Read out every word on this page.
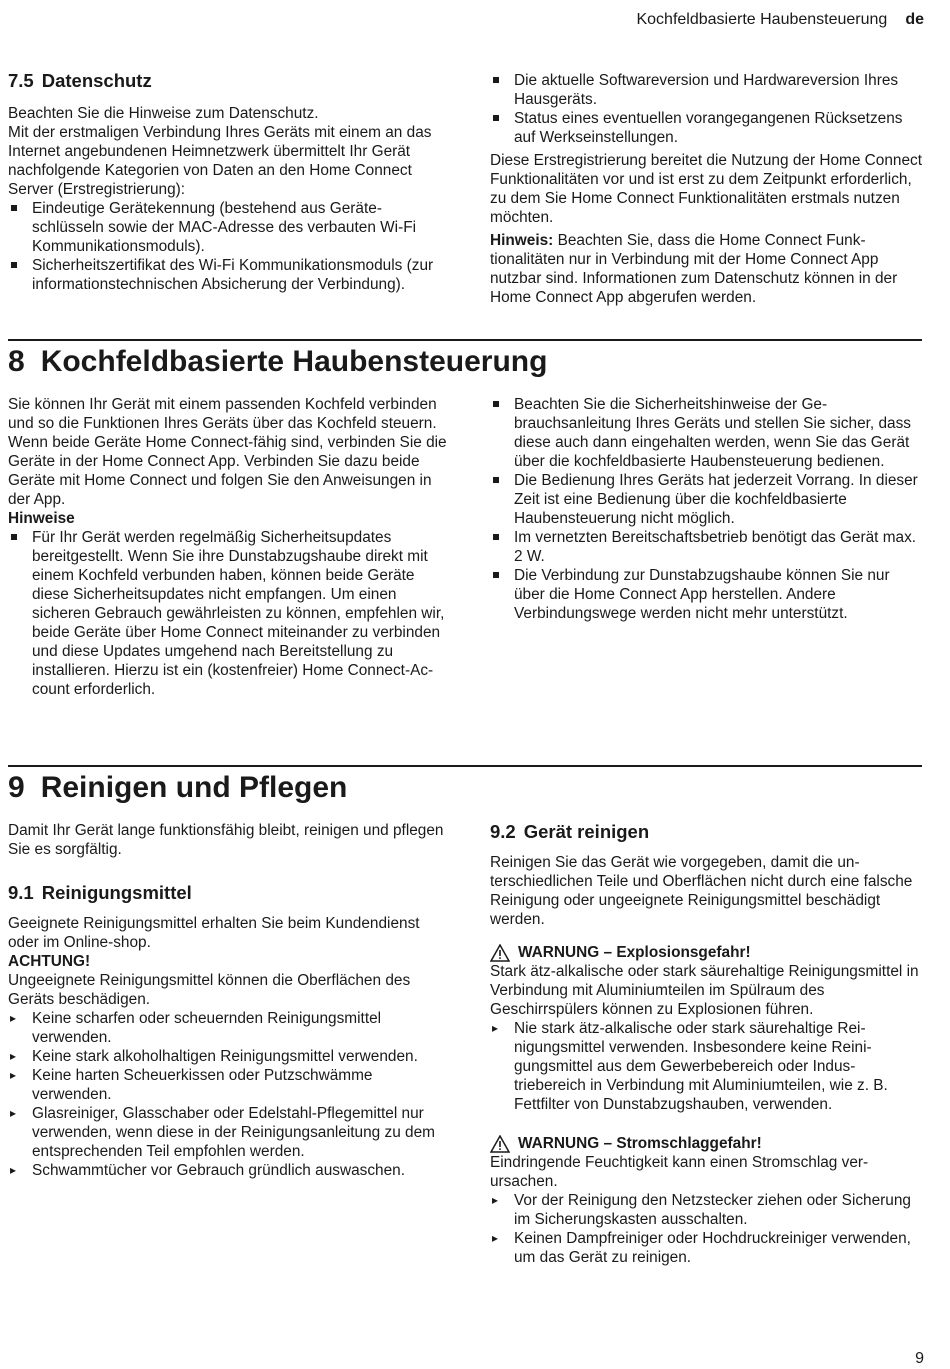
Kochfeldbasierte Haubensteuerung de
7.5 Datenschutz

Beachten Sie die Hinweise zum Datenschutz.

Mit der erstmaligen Verbindung Ihres Geräts mit einem an das Internet angebundenen Heimnetzwerk übermittelt Ihr Gerät nachfolgende Kategorien von Daten an den Home Connect Server (Erstregistrierung):

Eindeutige Gerätekennung (bestehend aus Geräteschlüsseln sowie der MAC-Adresse des verbauten Wi-Fi Kommunikationsmoduls).
Sicherheitszertifikat des Wi-Fi Kommunikationsmoduls (zur informationstechnischen Absicherung der Verbindung).
Die aktuelle Softwareversion und Hardwareversion Ihres Hausgeräts.
Status eines eventuellen vorangegangenen Rücksetzens auf Werkseinstellungen.

Diese Erstregistrierung bereitet die Nutzung der Home Connect Funktionalitäten vor und ist erst zu dem Zeitpunkt erforderlich, zu dem Sie Home Connect Funktionalitäten erstmals nutzen möchten.

Hinweis: Beachten Sie, dass die Home Connect Funktionalitäten nur in Verbindung mit der Home Connect App nutzbar sind. Informationen zum Datenschutz können in der Home Connect App abgerufen werden.

8 Kochfeldbasierte Haubensteuerung

Sie können Ihr Gerät mit einem passenden Kochfeld verbinden und so die Funktionen Ihres Geräts über das Kochfeld steuern.

Wenn beide Geräte Home Connect-fähig sind, verbinden Sie die Geräte in der Home Connect App. Verbinden Sie dazu beide Geräte mit Home Connect und folgen Sie den Anweisungen in der App.

Hinweise

Für Ihr Gerät werden regelmäßig Sicherheitsupdates bereitgestellt. Wenn Sie ihre Dunstabzugshaube direkt mit einem Kochfeld verbunden haben, können beide Geräte diese Sicherheitsupdates nicht empfangen. Um einen sicheren Gebrauch gewährleisten zu können, empfehlen wir, beide Geräte über Home Connect miteinander zu verbinden und diese Updates umgehend nach Bereitstellung zu installieren. Hierzu ist ein (kostenfreier) Home Connect-Account erforderlich.
Beachten Sie die Sicherheitshinweise der Gebrauchsanleitung Ihres Geräts und stellen Sie sicher, dass diese auch dann eingehalten werden, wenn Sie das Gerät über die kochfeldbasierte Haubensteuerung bedienen.
Die Bedienung Ihres Geräts hat jederzeit Vorrang. In dieser Zeit ist eine Bedienung über die kochfeldbasierte Haubensteuerung nicht möglich.
Im vernetzten Bereitschaftsbetrieb benötigt das Gerät max. 2 W.
Die Verbindung zur Dunstabzugshaube können Sie nur über die Home Connect App herstellen. Andere Verbindungswege werden nicht mehr unterstützt.
9 Reinigen und Pflegen

Damit Ihr Gerät lange funktionsfähig bleibt, reinigen und pflegen Sie es sorgfältig.

9.1 Reinigungsmittel

Geeignete Reinigungsmittel erhalten Sie beim Kundendienst oder im Online-shop.

ACHTUNG!

Ungeeignete Reinigungsmittel können die Oberflächen des Geräts beschädigen.

▸ Keine scharfen oder scheuernden Reinigungsmittel verwenden.
▸ Keine stark alkoholhaltigen Reinigungsmittel verwenden.
▸ Keine harten Scheuerkissen oder Putzschwämme verwenden.
▸ Glasreiniger, Glasschaber oder Edelstahl-Pflegemittel nur verwenden, wenn diese in der Reinigungsanleitung zu dem entsprechenden Teil empfohlen werden.
▸ Schwammtücher vor Gebrauch gründlich auswaschen.
9.2 Gerät reinigen

Reinigen Sie das Gerät wie vorgegeben, damit die unterschiedlichen Teile und Oberflächen nicht durch eine falsche Reinigung oder ungeeignete Reinigungsmittel beschädigt werden.

WARNUNG – Explosionsgefahr!

Stark ätz-alkalische oder stark säurehaltige Reinigungsmittel in Verbindung mit Aluminiumteilen im Spülraum des Geschirrspülers können zu Explosionen führen.

▸ Nie stark ätz-alkalische oder stark säurehaltige Reinigungsmittel verwenden. Insbesondere keine Reinigungsmittel aus dem Gewerbebereich oder Industriebereich in Verbindung mit Aluminiumteilen, wie z. B. Fettfilter von Dunstabzugshauben, verwenden.
WARNUNG – Stromschlaggefahr!

Eindringende Feuchtigkeit kann einen Stromschlag verursachen.

▸ Vor der Reinigung den Netzstecker ziehen oder Sicherung im Sicherungskasten ausschalten.
▸ Keinen Dampfreiniger oder Hochdruckreiniger verwenden, um das Gerät zu reinigen.
9
